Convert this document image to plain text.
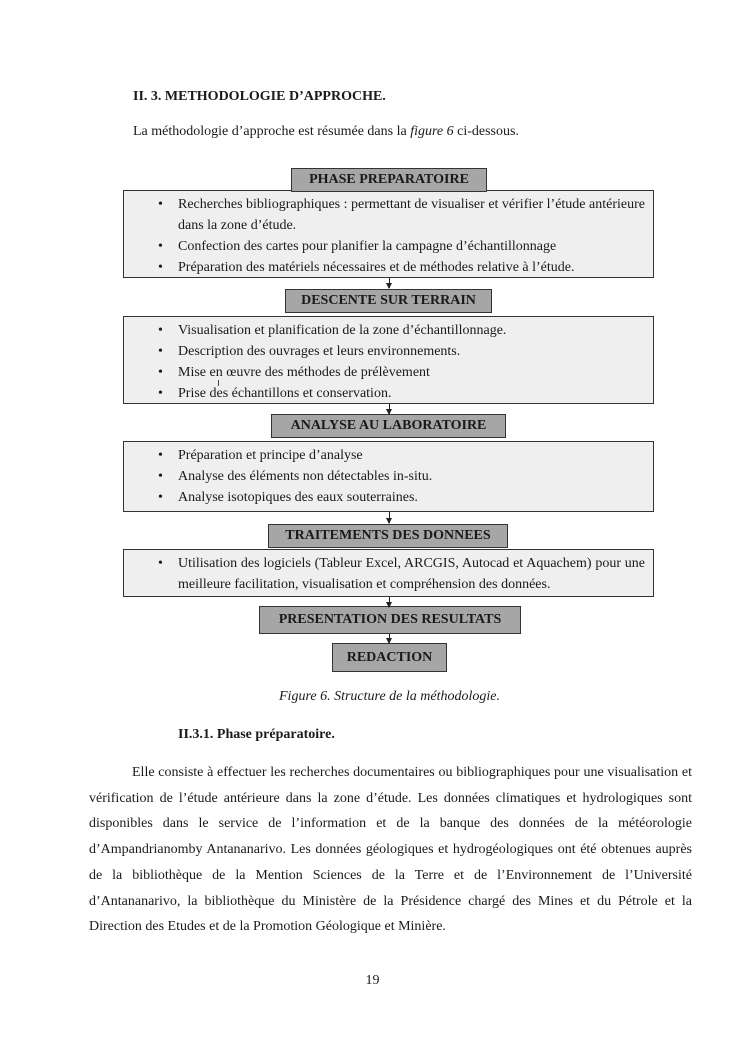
II. 3. METHODOLOGIE D’APPROCHE.
La méthodologie d’approche est résumée dans la figure 6 ci-dessous.
PHASE PREPARATOIRE
• Recherches bibliographiques : permettant de visualiser et vérifier l’étude antérieure dans la zone d’étude.
• Confection des cartes pour planifier la campagne d’échantillonnage
• Préparation des matériels nécessaires et de méthodes relative à l’étude.
DESCENTE SUR TERRAIN
• Visualisation et planification de la zone d’échantillonnage.
• Description des ouvrages et leurs environnements.
• Mise en œuvre des méthodes de prélèvement
• Prise des échantillons et conservation.
ANALYSE AU LABORATOIRE
• Préparation et principe d’analyse
• Analyse des éléments non détectables in-situ.
• Analyse isotopiques des eaux souterraines.
TRAITEMENTS DES DONNEES
• Utilisation des logiciels (Tableur Excel, ARCGIS, Autocad et Aquachem) pour une meilleure facilitation, visualisation et compréhension des données.
PRESENTATION DES RESULTATS
REDACTION
Figure 6. Structure de la méthodologie.
II.3.1. Phase préparatoire.
Elle consiste à effectuer les recherches documentaires ou bibliographiques pour une visualisation et vérification de l’étude antérieure dans la zone d’étude. Les données climatiques et hydrologiques sont disponibles dans le service de l’information et de la banque des données de la météorologie d’Ampandrianomby Antananarivo. Les données géologiques et hydrogéologiques ont été obtenues auprès de la bibliothèque de la Mention Sciences de la Terre et de l’Environnement de l’Université d’Antananarivo, la bibliothèque du Ministère de la Présidence chargé des Mines et du Pétrole et la Direction des Etudes et de la Promotion Géologique et Minière.
19
